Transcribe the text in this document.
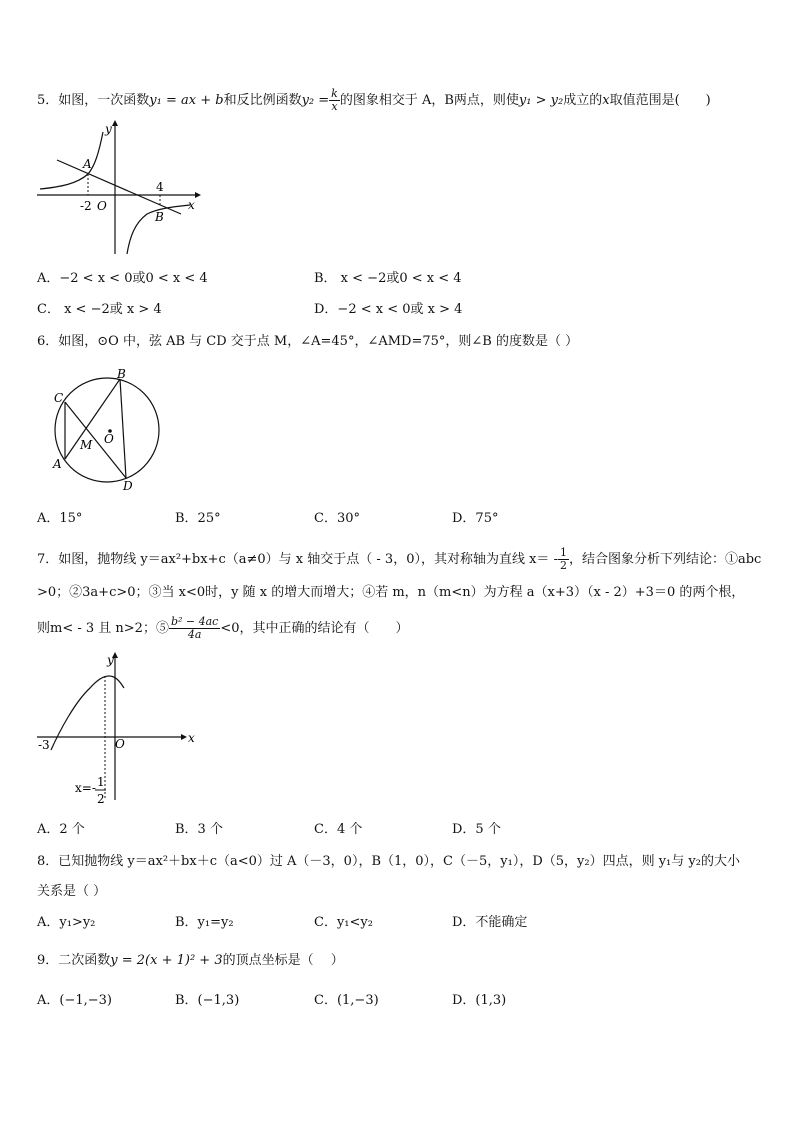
5．如图，一次函数y₁ = ax + b和反比例函数$y_2 = \frac{k}{x}$ 的图象相交于 A，B两点，则使y₁ > y₂成立的x取值范围是(　　)
y
x
A
B
O
-2
4
A．−2 < x < 0或0 < x < 4	B． x < −2或0 < x < 4
C． x < −2或 x > 4	D．−2 < x < 0或 x > 4
6．如图，⊙O 中，弦 AB 与 CD 交于点 M，∠A=45°，∠AMD=75°，则∠B 的度数是（ ）
B
C
O
M
A
D
A．15°	B．25°	C．30°	D．75°
7．如图，抛物线 y＝ax²+bx+c（a≠0）与 x 轴交于点（ - 3，0），其对称轴为直线 $x= - \frac{1}{2}$ ，结合图象分析下列结论：①abc
>0；②3a+c>0；③当 x<0时，y 随 x 的增大而增大；④若 m，n（m<n）为方程 a（x+3）（x - 2）+3＝0 的两个根，
则m< - 3 且 n>2；⑤ $\frac{\text{b² − 4ac}}{4a} <0$，其中正确的结论有（　　）
y
x
O
-3
x=- 1
2
A．2 个	B．3 个	C．4 个	D．5 个
8．已知抛物线 y＝ax²＋bx＋c（a<0）过 A（－3，0），B（1，0），C（－5，y₁），D（5，y₂）四点，则 y₁与 y₂的大小
关系是（ ）
A．y₁>y₂	B．y₁=y₂	C．y₁<y₂	D．不能确定
9．二次函数y = 2(x + 1)² + 3的顶点坐标是（　 ）
A．(−1,−3)	B．(−1,3)	C．(1,−3)	D．(1,3)
